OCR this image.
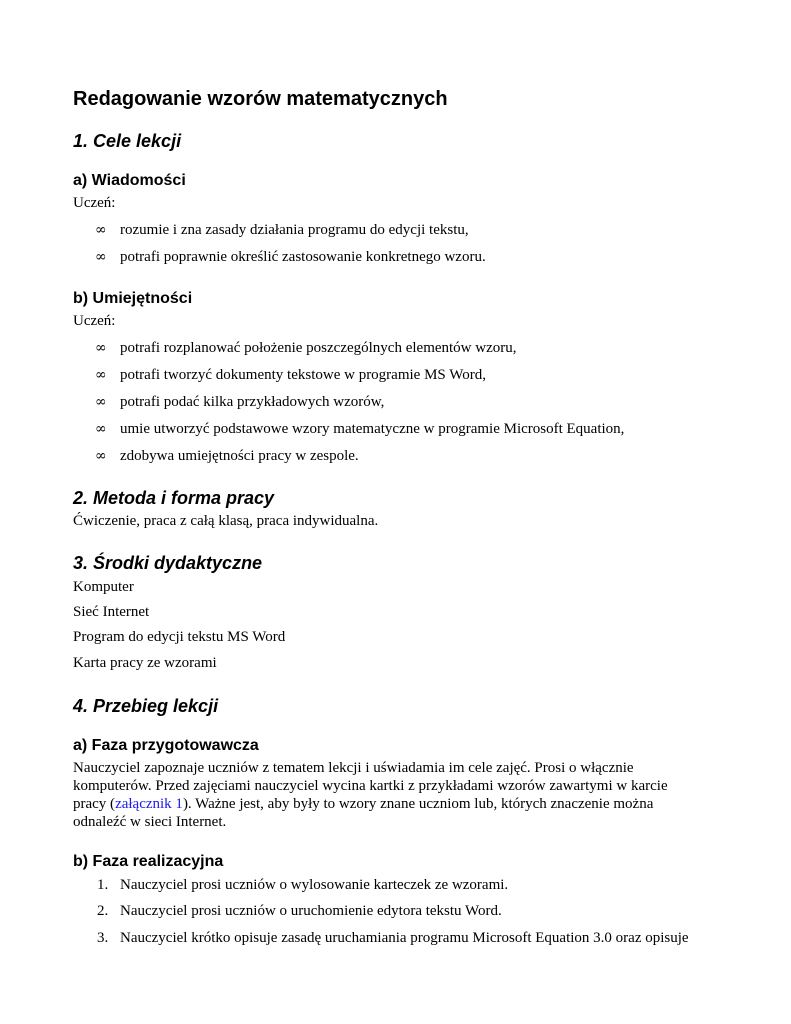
Redagowanie wzorów matematycznych
1. Cele lekcji
a) Wiadomości
Uczeń:
∞ rozumie i zna zasady działania programu do edycji tekstu,
∞ potrafi poprawnie określić zastosowanie konkretnego wzoru.
b) Umiejętności
Uczeń:
∞ potrafi rozplanować położenie poszczególnych elementów wzoru,
∞ potrafi tworzyć dokumenty tekstowe w programie MS Word,
∞ potrafi podać kilka przykładowych wzorów,
∞ umie utworzyć podstawowe wzory matematyczne w programie Microsoft Equation,
∞ zdobywa umiejętności pracy w zespole.
2. Metoda i forma pracy
Ćwiczenie, praca z całą klasą, praca indywidualna.
3. Środki dydaktyczne
Komputer
Sieć Internet
Program do edycji tekstu MS Word
Karta pracy ze wzorami
4. Przebieg lekcji
a) Faza przygotowawcza
Nauczyciel zapoznaje uczniów z tematem lekcji i uświadamia im cele zajęć. Prosi o włącznie
komputerów. Przed zajęciami nauczyciel wycina kartki z przykładami wzorów zawartymi w karcie
pracy (załącznik 1). Ważne jest, aby były to wzory znane uczniom lub, których znaczenie można
odnaleźć w sieci Internet.
b) Faza realizacyjna
1. Nauczyciel prosi uczniów o wylosowanie karteczek ze wzorami.
2. Nauczyciel prosi uczniów o uruchomienie edytora tekstu Word.
3. Nauczyciel krótko opisuje zasadę uruchamiania programu Microsoft Equation 3.0 oraz opisuje
